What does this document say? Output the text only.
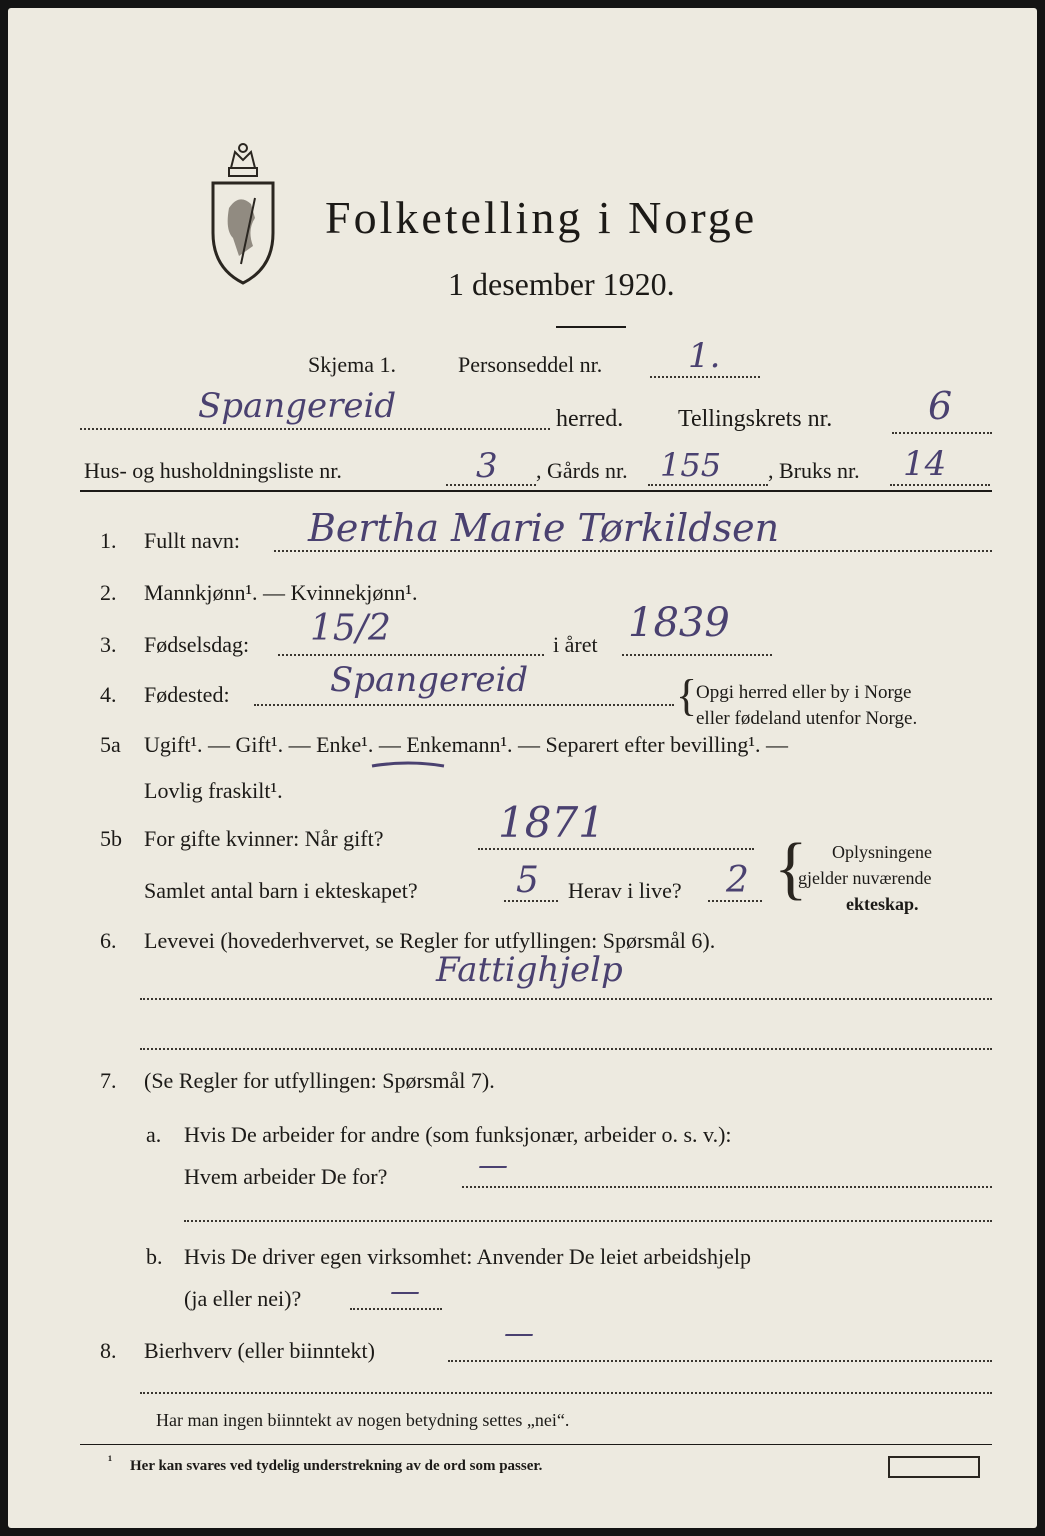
Folketelling i Norge
1 desember 1920.
Skjema 1.	Personseddel nr.	1.
Spangereid	herred. Tellingskrets nr.	6
Hus- og husholdningsliste nr.	3 , Gårds nr. 155 , Bruks nr. 14
1. Fullt navn: Bertha Marie Tørkildsen
2. Mannkjønn¹. — Kvinnekjønn¹.
3. Fødselsdag: 15/2	i året 1839
4. Fødested:	Spangereid	{
Opgi herred eller by i Norge
eller fødeland utenfor Norge.
5a Ugift¹. — Gift¹. — Enke¹. — Enkemann¹. — Separert efter bevilling¹. —
Lovlig fraskilt¹.
5b For gifte kvinner: Når gift?	1871
Samlet antal barn i ekteskapet?	5 Herav i live? 2 { Oplysningene
gjelder nuværende
ekteskap.
6. Levevei (hovederhvervet, se Regler for utfyllingen: Spørsmål 6).
Fattighjelp
7. (Se Regler for utfyllingen: Spørsmål 7).
a. Hvis De arbeider for andre (som funksjonær, arbeider o. s. v.):
Hvem arbeider De for?	—
b. Hvis De driver egen virksomhet: Anvender De leiet arbeidshjelp
(ja eller nei)?	—
8. Bierhverv (eller biinntekt)	—
Har man ingen biinntekt av nogen betydning settes „nei“.
¹ Her kan svares ved tydelig understrekning av de ord som passer.
